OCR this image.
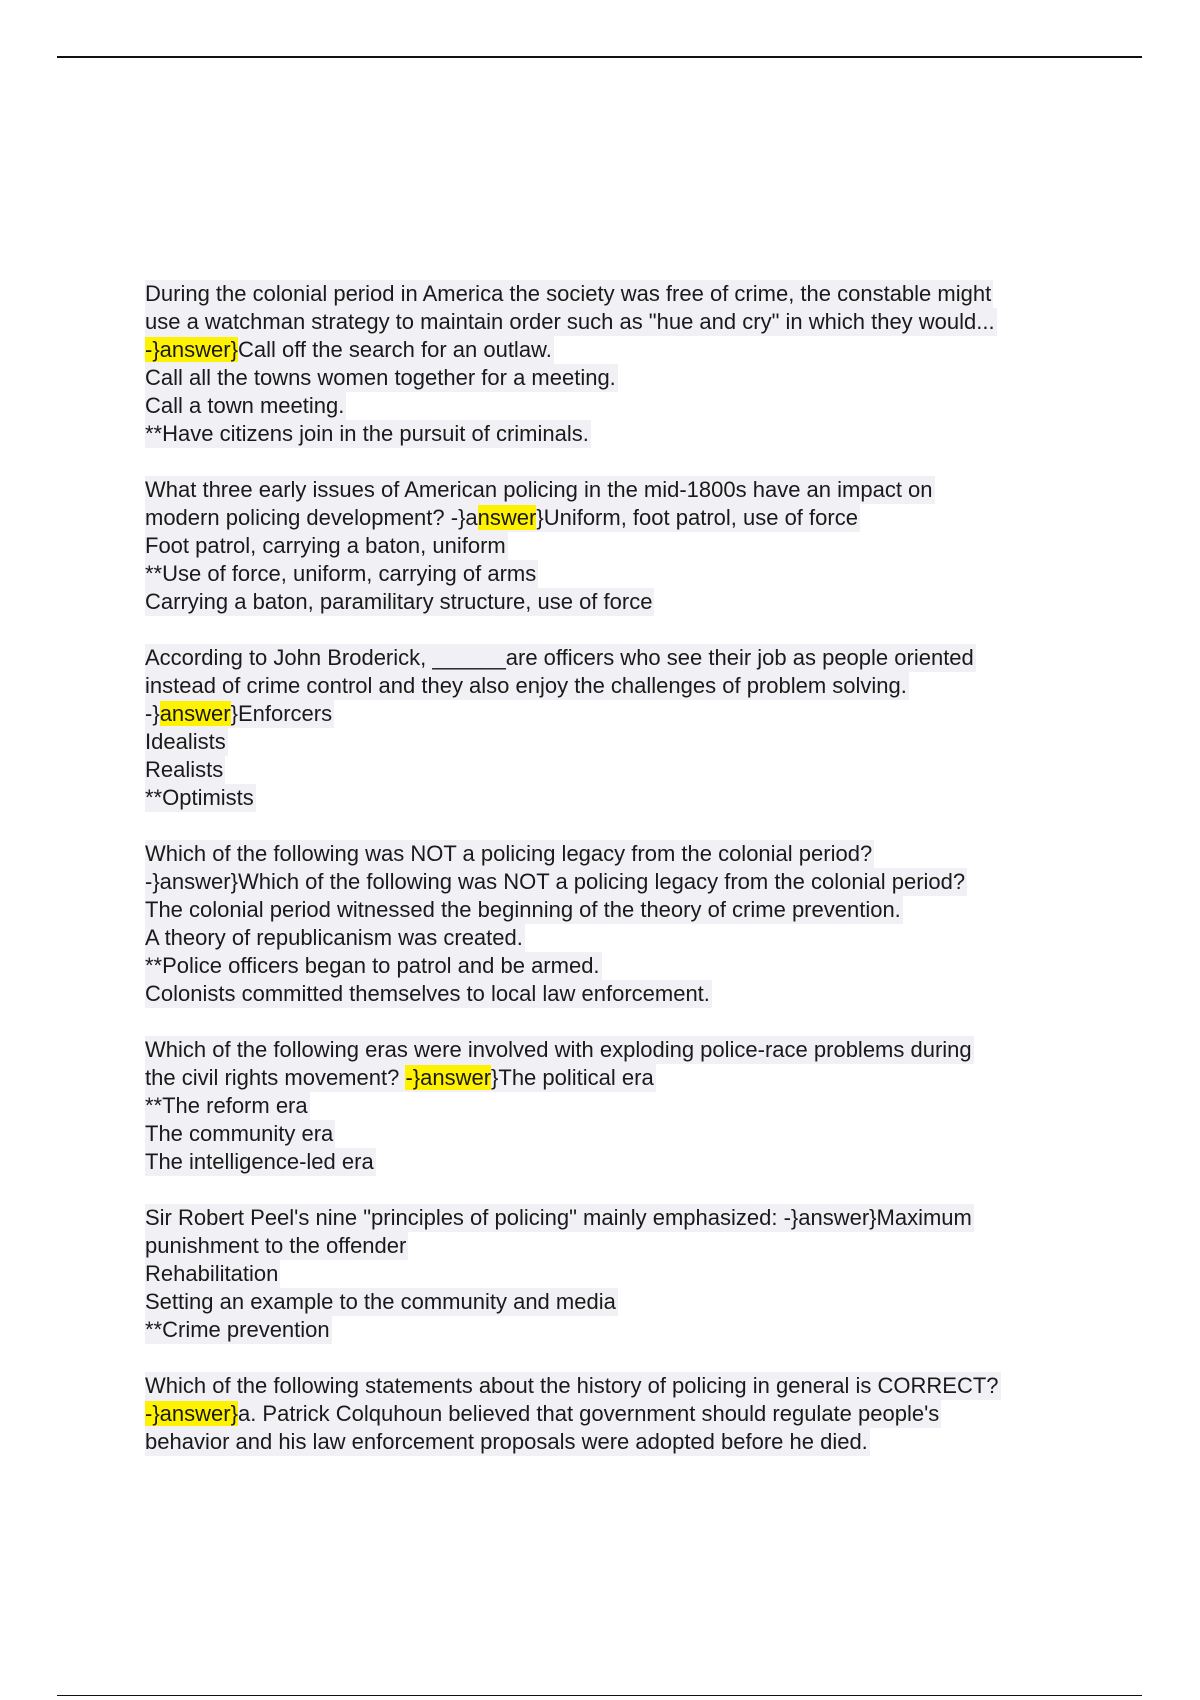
During the colonial period in America the society was free of crime, the constable might
use a watchman strategy to maintain order such as "hue and cry" in which they would...
-}answer}Call off the search for an outlaw.
Call all the towns women together for a meeting.
Call a town meeting.
**Have citizens join in the pursuit of criminals.
What three early issues of American policing in the mid-1800s have an impact on
modern policing development? -}answer}Uniform, foot patrol, use of force
Foot patrol, carrying a baton, uniform
**Use of force, uniform, carrying of arms
Carrying a baton, paramilitary structure, use of force
According to John Broderick, ______are officers who see their job as people oriented
instead of crime control and they also enjoy the challenges of problem solving.
-}answer}Enforcers
Idealists
Realists
**Optimists
Which of the following was NOT a policing legacy from the colonial period?
-}answer}Which of the following was NOT a policing legacy from the colonial period?
The colonial period witnessed the beginning of the theory of crime prevention.
A theory of republicanism was created.
**Police officers began to patrol and be armed.
Colonists committed themselves to local law enforcement.
Which of the following eras were involved with exploding police-race problems during
the civil rights movement? -}answer}The political era
**The reform era
The community era
The intelligence-led era
Sir Robert Peel's nine "principles of policing" mainly emphasized: -}answer}Maximum
punishment to the offender
Rehabilitation
Setting an example to the community and media
**Crime prevention
Which of the following statements about the history of policing in general is CORRECT?
-}answer}a. Patrick Colquhoun believed that government should regulate people's
behavior and his law enforcement proposals were adopted before he died.
